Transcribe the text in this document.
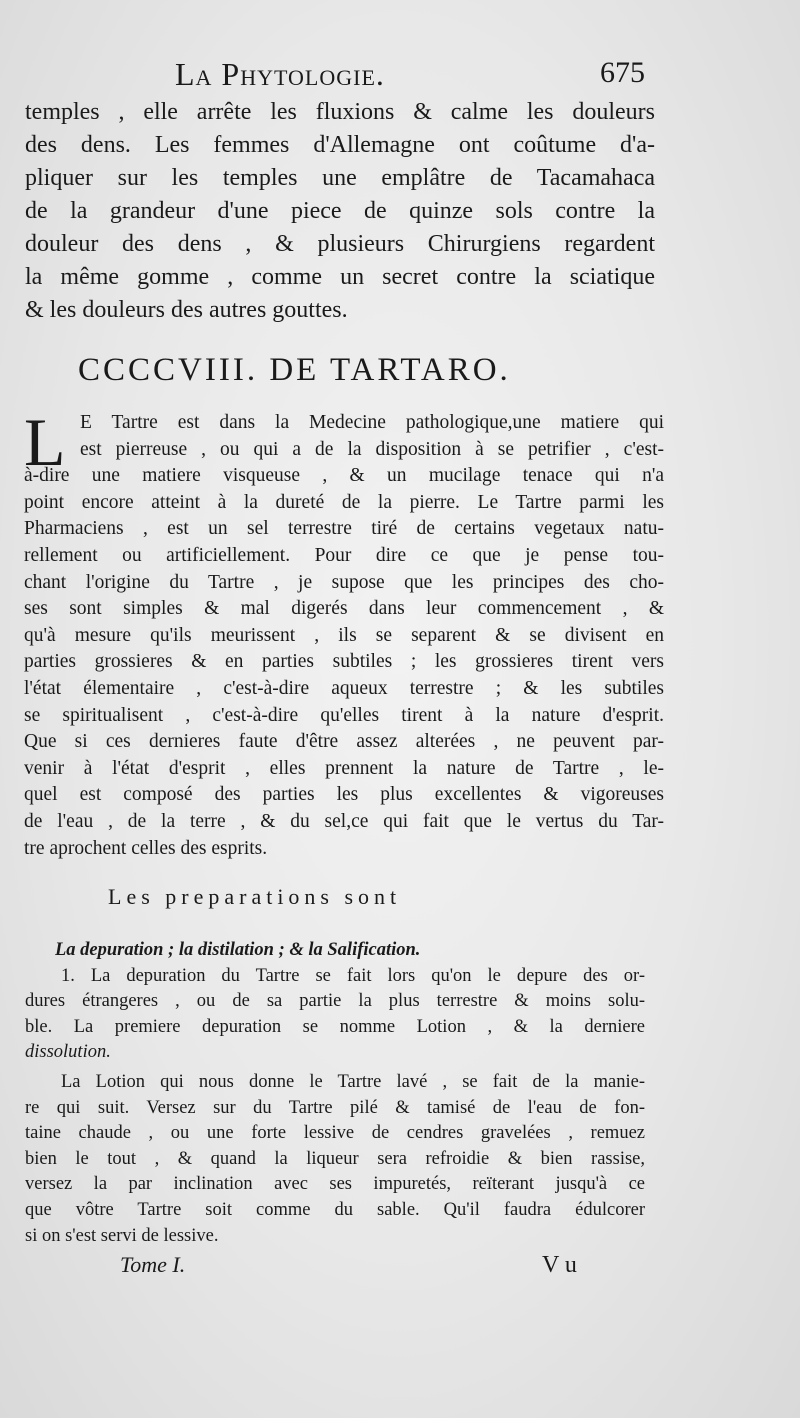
La Phytologie.	675
temples , elle arrête les fluxions & calme les douleurs
des dens. Les femmes d'Allemagne ont coûtume d'a-
pliquer sur les temples une emplâtre de Tacamahaca
de la grandeur d'une piece de quinze sols contre la
douleur des dens , & plusieurs Chirurgiens regardent
la même gomme , comme un secret contre la sciatique
& les douleurs des autres gouttes.
CCCCVIII. DE TARTARO.
L E Tartre est dans la Medecine pathologique,une matiere qui
est pierreuse , ou qui a de la disposition à se petrifier , c'est-
à-dire une matiere visqueuse , & un mucilage tenace qui n'a
point encore atteint à la dureté de la pierre. Le Tartre parmi les
Pharmaciens , est un sel terrestre tiré de certains vegetaux natu-
rellement ou artificiellement. Pour dire ce que je pense tou-
chant l'origine du Tartre , je supose que les principes des cho-
ses sont simples & mal digerés dans leur commencement , &
qu'à mesure qu'ils meurissent , ils se separent & se divisent en
parties grossieres & en parties subtiles ; les grossieres tirent vers
l'état élementaire , c'est-à-dire aqueux terrestre ; & les subtiles
se spiritualisent , c'est-à-dire qu'elles tirent à la nature d'esprit.
Que si ces dernieres faute d'être assez alterées , ne peuvent par-
venir à l'état d'esprit , elles prennent la nature de Tartre , le-
quel est composé des parties les plus excellentes & vigoreuses
de l'eau , de la terre , & du sel,ce qui fait que le vertus du Tar-
tre aprochent celles des esprits.
Les preparations sont
La depuration ; la distilation ; & la Salification.
1. La depuration du Tartre se fait lors qu'on le depure des or-
dures étrangeres , ou de sa partie la plus terrestre & moins solu-
ble. La premiere depuration se nomme Lotion , & la derniere
dissolution.
La Lotion qui nous donne le Tartre lavé , se fait de la manie-
re qui suit. Versez sur du Tartre pilé & tamisé de l'eau de fon-
taine chaude , ou une forte lessive de cendres gravelées , remuez
bien le tout , & quand la liqueur sera refroidie & bien rassise,
versez la par inclination avec ses impuretés, reïterant jusqu'à ce
que vôtre Tartre soit comme du sable. Qu'il faudra édulcorer
si on s'est servi de lessive.
Tome I.	V u
